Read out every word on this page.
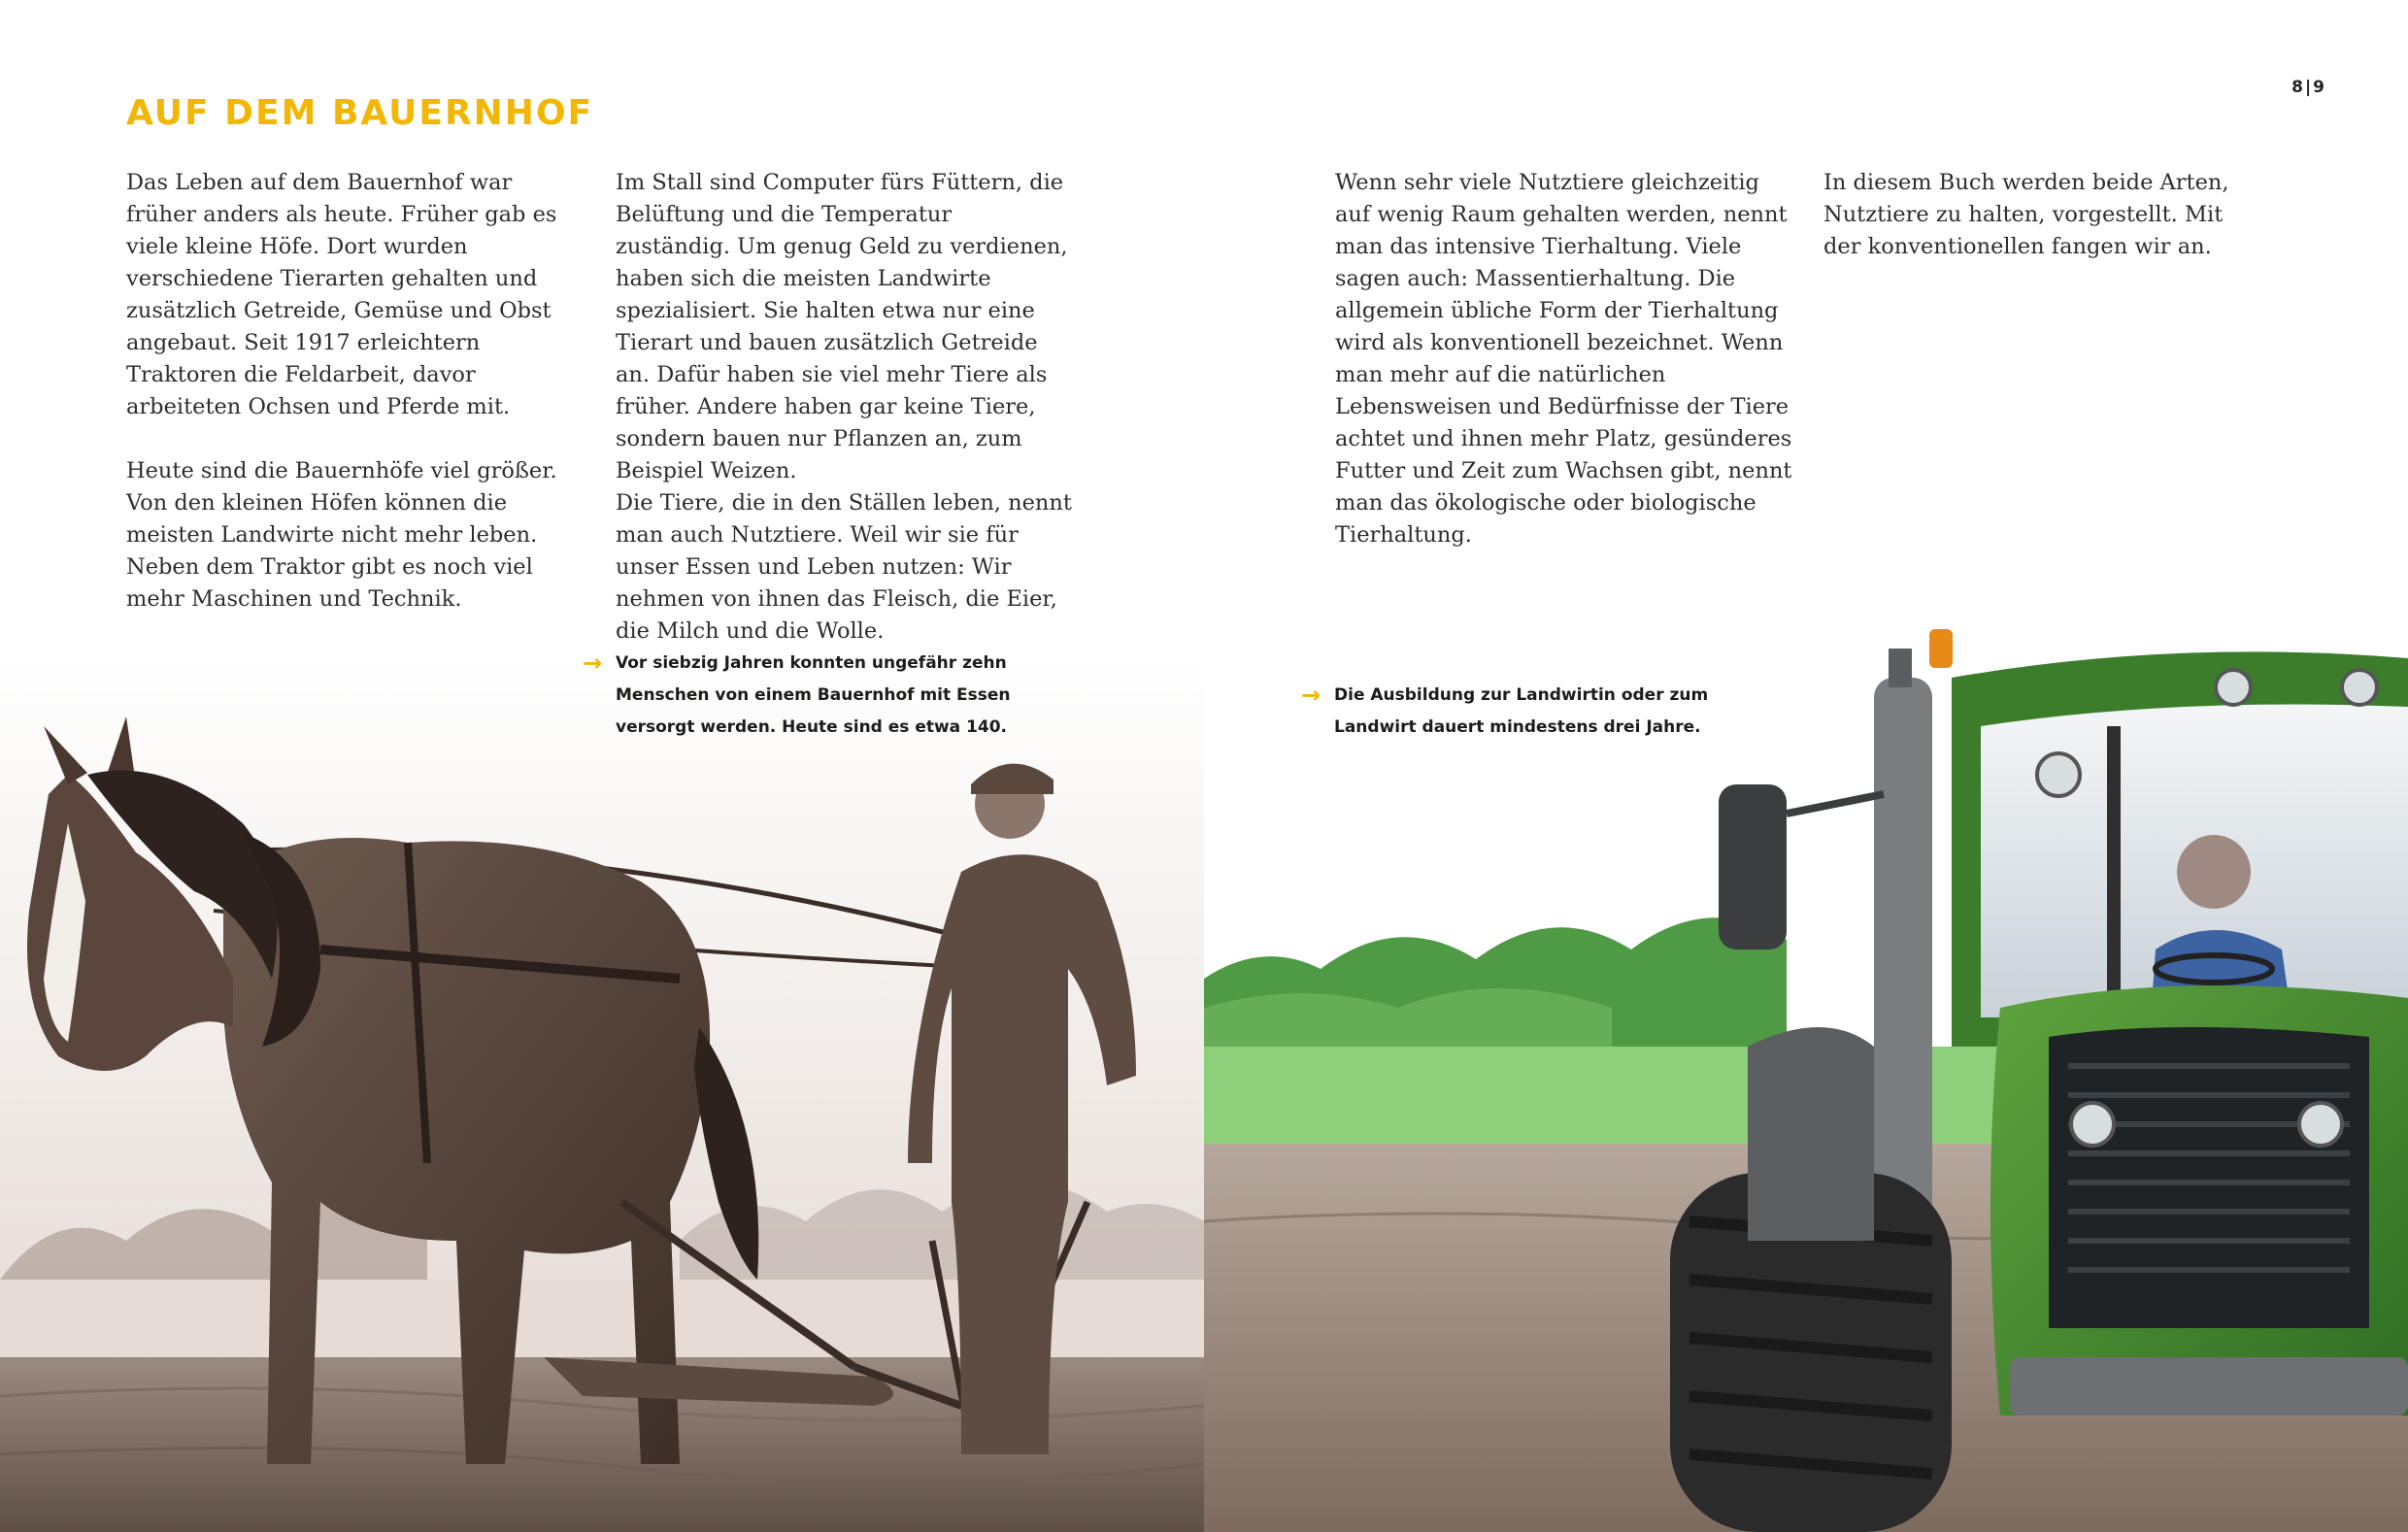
AUF DEM BAUERNHOF

Das Leben auf dem Bauernhof war früher anders als heute. Früher gab es viele kleine Höfe. Dort wurden verschiedene Tierarten gehalten und zusätzlich Getreide, Gemüse und Obst angebaut. Seit 1917 erleichtern Traktoren die Feldarbeit, davor arbeiteten Ochsen und Pferde mit.

Heute sind die Bauernhöfe viel größer. Von den kleinen Höfen können die meisten Landwirte nicht mehr leben. Neben dem Traktor gibt es noch viel mehr Maschinen und Technik.

Im Stall sind Computer fürs Füttern, die Belüftung und die Temperatur zuständig. Um genug Geld zu verdienen, haben sich die meisten Landwirte spezialisiert. Sie halten etwa nur eine Tierart und bauen zusätzlich Getreide an. Dafür haben sie viel mehr Tiere als früher. Andere haben gar keine Tiere, sondern bauen nur Pflanzen an, zum Beispiel Weizen.

Die Tiere, die in den Ställen leben, nennt man auch Nutztiere. Weil wir sie für unser Essen und Leben nutzen: Wir nehmen von ihnen das Fleisch, die Eier, die Milch und die Wolle.

→ Vor siebzig Jahren konnten ungefähr zehn Menschen von einem Bauernhof mit Essen versorgt werden. Heute sind es etwa 140.
8|9

Wenn sehr viele Nutztiere gleichzeitig auf wenig Raum gehalten werden, nennt man das intensive Tierhaltung. Viele sagen auch: Massentierhaltung. Die allgemein übliche Form der Tierhaltung wird als konventionell bezeichnet. Wenn man mehr auf die natürlichen Lebensweisen und Bedürfnisse der Tiere achtet und ihnen mehr Platz, gesünderes Futter und Zeit zum Wachsen gibt, nennt man das ökologische oder biologische Tierhaltung.

In diesem Buch werden beide Arten, Nutztiere zu halten, vorgestellt. Mit der konventionellen fangen wir an.

→ Die Ausbildung zur Landwirtin oder zum Landwirt dauert mindestens drei Jahre.
